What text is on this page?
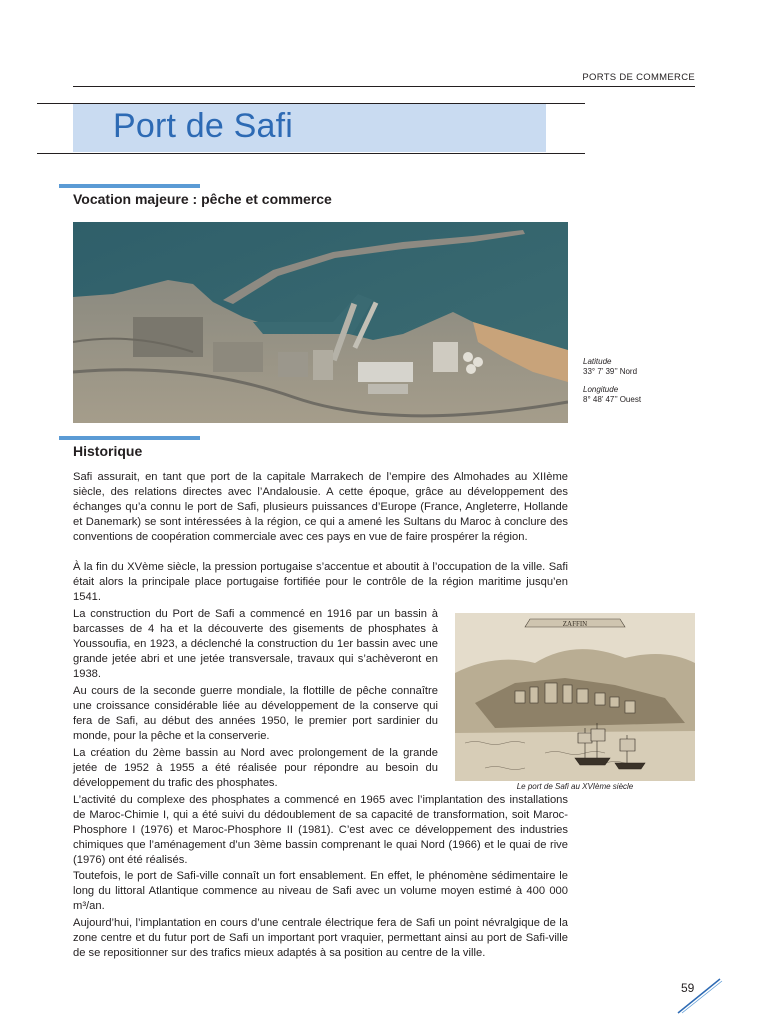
PORTS DE COMMERCE
Port de Safi
Vocation majeure : pêche et commerce
Latitude
33° 7’ 39’’ Nord
Longitude
8° 48’ 47’’ Ouest
Historique
Safi assurait, en tant que port de la capitale Marrakech de l’empire des Almohades au XIIème siècle, des relations directes avec l’Andalousie. A cette époque, grâce au développement des échanges qu’a connu le port de Safi, plusieurs puissances d’Europe (France, Angleterre, Hollande et Danemark) se sont intéressées à la région, ce qui a amené les Sultans du Maroc à conclure des conventions de coopération commerciale avec ces pays en vue de faire prospérer la région.
À la fin du XVème siècle, la pression portugaise s’accentue et aboutit à l’occupation de la ville. Safi était alors la principale place portugaise fortifiée pour le contrôle de la région maritime jusqu’en 1541.
La construction du Port de Safi a commencé en 1916 par un bassin à barcasses de 4 ha et la découverte des gisements de phosphates à Youssoufia, en 1923, a déclenché la construction du 1er bassin avec une grande jetée abri et une jetée transversale, travaux qui s’achèveront en 1938.
Au cours de la seconde guerre mondiale, la flottille de pêche connaître une croissance considérable liée au développement de la conserve qui fera de Safi, au début des années 1950, le premier port sardinier du monde, pour la pêche et la conserverie.
La création du 2ème bassin au Nord avec prolongement de la grande jetée de 1952 à 1955 a été réalisée pour répondre au besoin du développement du trafic des phosphates.
L’activité du complexe des phosphates a commencé en 1965 avec l’implantation des installations de Maroc-Chimie I, qui a été suivi du dédoublement de sa capacité de transformation, soit Maroc-Phosphore I (1976) et Maroc-Phosphore II (1981). C’est avec ce développement des industries chimiques que l’aménagement d’un 3ème bassin comprenant le quai Nord (1966) et le quai de rive (1976) ont été réalisés.
Toutefois, le port de Safi-ville connaît un fort ensablement. En effet, le phénomène sédimentaire le long du littoral Atlantique commence au niveau de Safi avec un volume moyen estimé à 400 000 m³/an.
Aujourd’hui, l’implantation en cours d’une centrale électrique fera de Safi un point névralgique de la zone centre et du futur port de Safi un important port vraquier, permettant ainsi au port de Safi-ville de se repositionner sur des trafics mieux adaptés à sa position au centre de la ville.
ZAFFIN
Le port de Safi au XVIème siècle
59
